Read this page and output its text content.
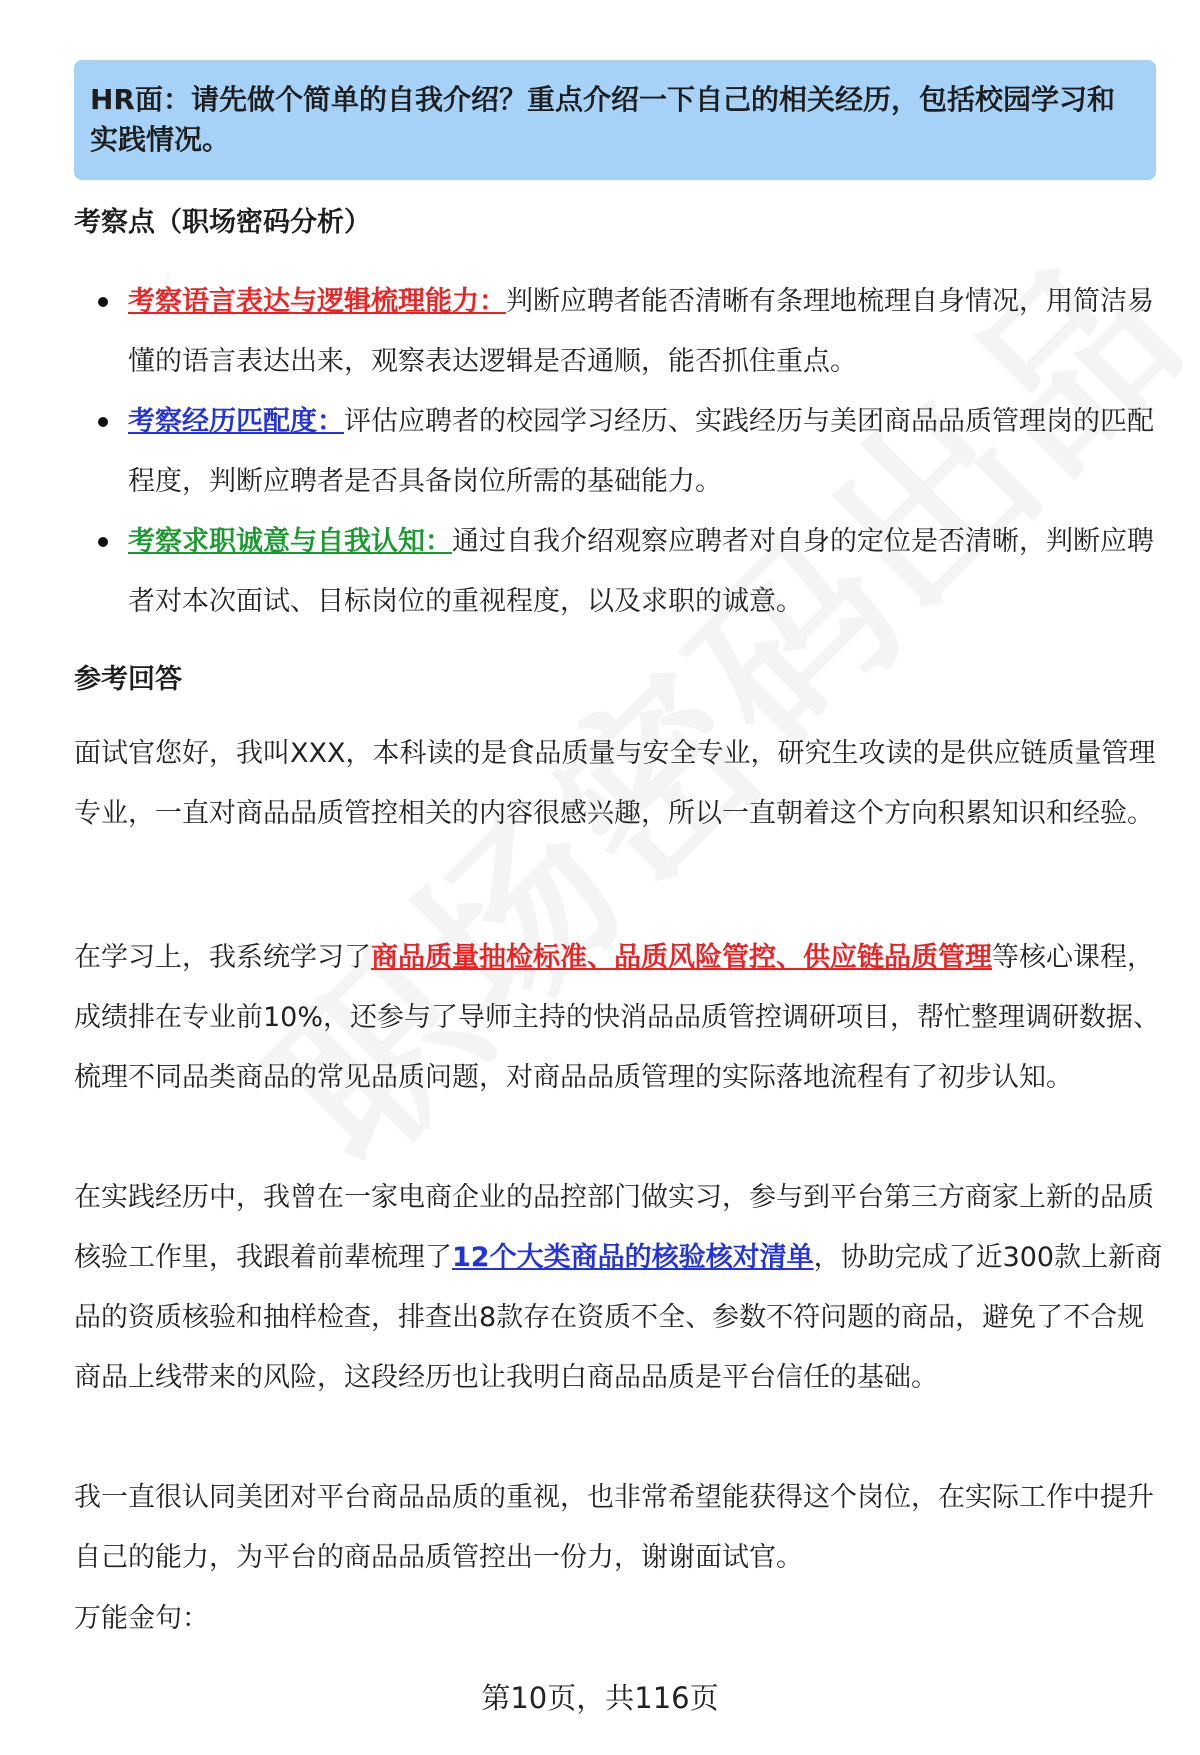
HR面：请先做个简单的自我介绍？重点介绍一下自己的相关经历，包括校园学习和实践情况。
考察点（职场密码分析）
考察语言表达与逻辑梳理能力：判断应聘者能否清晰有条理地梳理自身情况，用简洁易懂的语言表达出来，观察表达逻辑是否通顺，能否抓住重点。
考察经历匹配度：评估应聘者的校园学习经历、实践经历与美团商品品质管理岗的匹配程度，判断应聘者是否具备岗位所需的基础能力。
考察求职诚意与自我认知：通过自我介绍观察应聘者对自身的定位是否清晰，判断应聘者对本次面试、目标岗位的重视程度，以及求职的诚意。
参考回答
面试官您好，我叫XXX，本科读的是食品质量与安全专业，研究生攻读的是供应链质量管理专业，一直对商品品质管控相关的内容很感兴趣，所以一直朝着这个方向积累知识和经验。
在学习上，我系统学习了商品质量抽检标准、品质风险管控、供应链品质管理等核心课程，成绩排在专业前10%，还参与了导师主持的快消品品质管控调研项目，帮忙整理调研数据、梳理不同品类商品的常见品质问题，对商品品质管理的实际落地流程有了初步认知。
在实践经历中，我曾在一家电商企业的品控部门做实习，参与到平台第三方商家上新的品质核验工作里，我跟着前辈梳理了12个大类商品的核验核对清单，协助完成了近300款上新商品的资质核验和抽样检查，排查出8款存在资质不全、参数不符问题的商品，避免了不合规商品上线带来的风险，这段经历也让我明白商品品质是平台信任的基础。
我一直很认同美团对平台商品品质的重视，也非常希望能获得这个岗位，在实际工作中提升自己的能力，为平台的商品品质管控出一份力，谢谢面试官。
万能金句：
第10页，共116页
